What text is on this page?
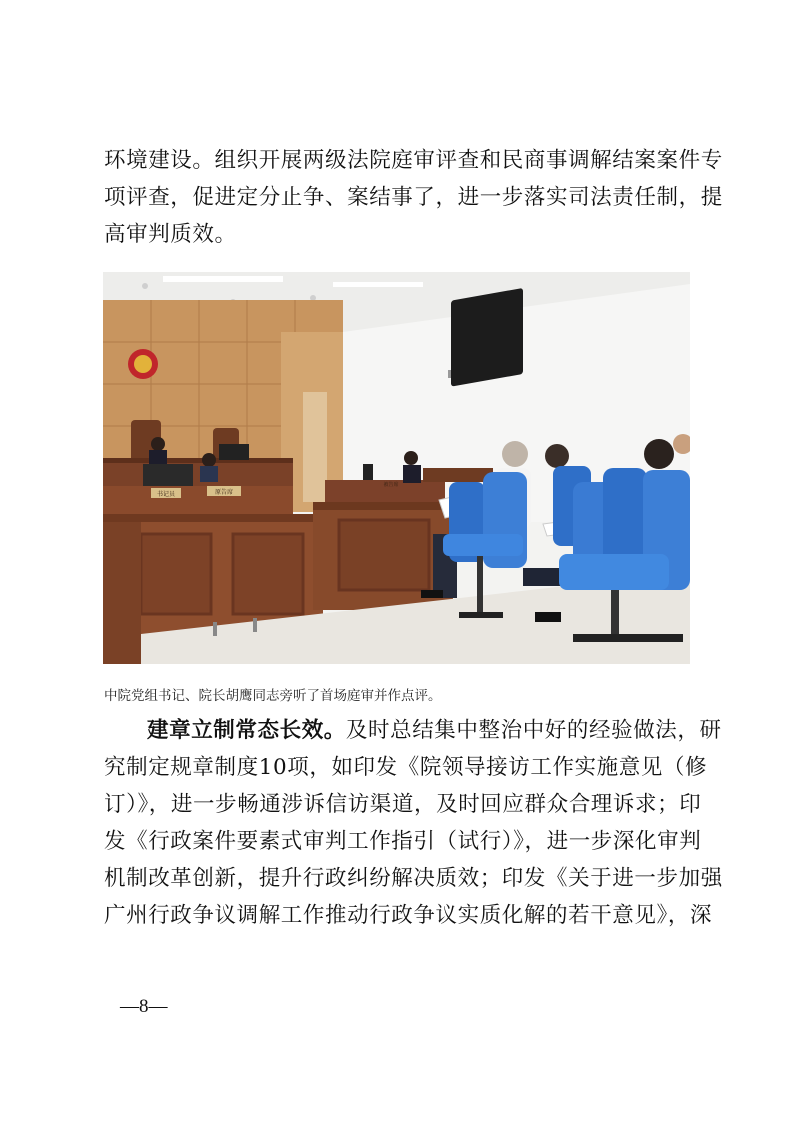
环境建设。组织开展两级法院庭审评查和民商事调解结案案件专
项评查，促进定分止争、案结事了，进一步落实司法责任制，提
高审判质效。
书记员	原告席
被告席
中院党组书记、院长胡鹰同志旁听了首场庭审并作点评。
建章立制常态长效。及时总结集中整治中好的经验做法，研
究制定规章制度10项，如印发《院领导接访工作实施意见（修
订）》，进一步畅通涉诉信访渠道，及时回应群众合理诉求；印
发《行政案件要素式审判工作指引（试行）》，进一步深化审判
机制改革创新，提升行政纠纷解决质效；印发《关于进一步加强
广州行政争议调解工作推动行政争议实质化解的若干意见》，深
—8—
